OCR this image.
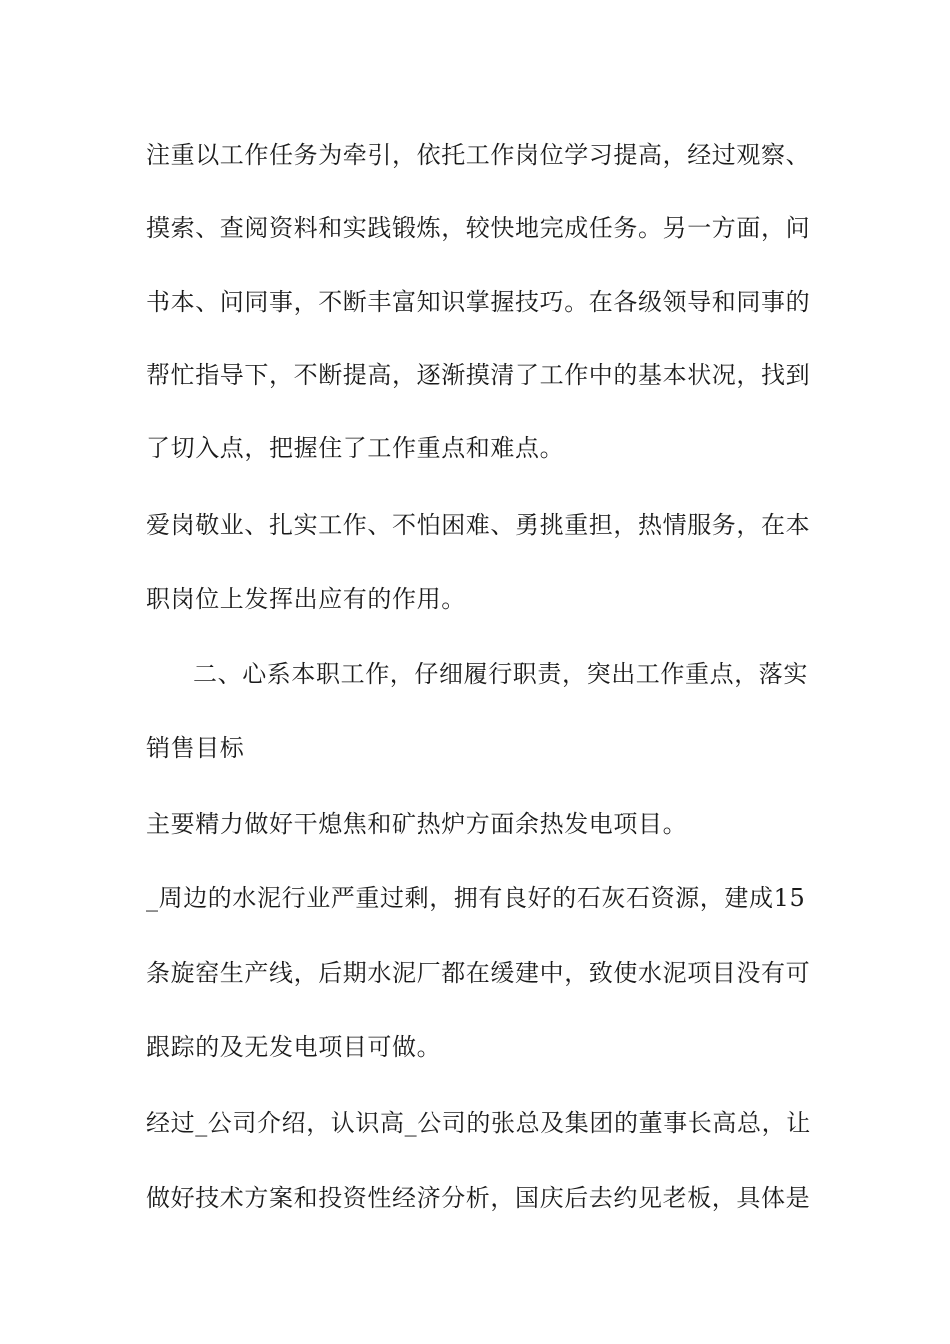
注重以工作任务为牵引，依托工作岗位学习提高，经过观察、
摸索、查阅资料和实践锻炼，较快地完成任务。另一方面，问
书本、问同事，不断丰富知识掌握技巧。在各级领导和同事的
帮忙指导下，不断提高，逐渐摸清了工作中的基本状况，找到
了切入点，把握住了工作重点和难点。
爱岗敬业、扎实工作、不怕困难、勇挑重担，热情服务，在本
职岗位上发挥出应有的作用。
二、心系本职工作，仔细履行职责，突出工作重点，落实
销售目标
主要精力做好干熄焦和矿热炉方面余热发电项目。
_周边的水泥行业严重过剩，拥有良好的石灰石资源，建成15
条旋窑生产线，后期水泥厂都在缓建中，致使水泥项目没有可
跟踪的及无发电项目可做。
经过_公司介绍，认识高_公司的张总及集团的董事长高总，让
做好技术方案和投资性经济分析，国庆后去约见老板，具体是
